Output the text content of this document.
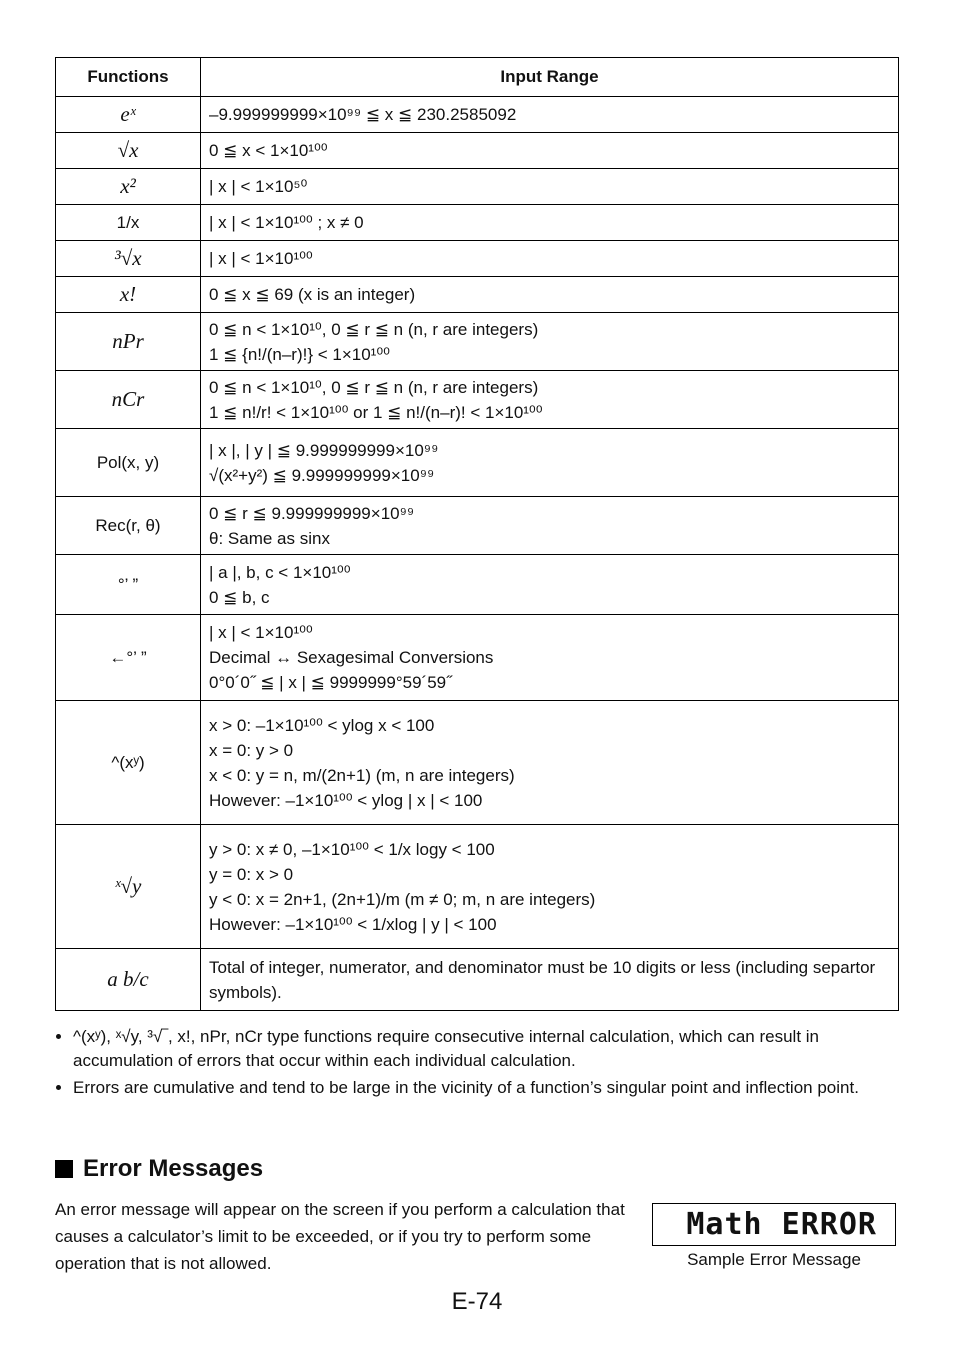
Functions	Input Range
eˣ	–9.999999999×10⁹⁹ ≦ x ≦ 230.2585092

√x	0 ≦ x < 1×10¹⁰⁰

x²	| x | < 1×10⁵⁰

1/x	| x | < 1×10¹⁰⁰ ; x ≠ 0

³√x	| x | < 1×10¹⁰⁰

x!	0 ≦ x ≦ 69 (x is an integer)

nPr	0 ≦ n < 1×10¹⁰, 0 ≦ r ≦ n (n, r are integers)
1 ≦ {n!/(n–r)!} < 1×10¹⁰⁰

nCr	0 ≦ n < 1×10¹⁰, 0 ≦ r ≦ n (n, r are integers)
1 ≦ n!/r! < 1×10¹⁰⁰ or 1 ≦ n!/(n–r)! < 1×10¹⁰⁰

Pol(x, y)	| x |, | y | ≦ 9.999999999×10⁹⁹
√(x²+y²) ≦ 9.999999999×10⁹⁹

Rec(r, θ)	0 ≦ r ≦ 9.999999999×10⁹⁹
θ: Same as sinx

°’ ”	| a |, b, c < 1×10¹⁰⁰
0 ≦ b, c

←°’ ”	| x | < 1×10¹⁰⁰
Decimal ↔ Sexagesimal Conversions
0°0´0˝ ≦ | x | ≦ 9999999°59´59˝

^(xʸ)	x > 0: –1×10¹⁰⁰ < ylog x < 100
x = 0: y > 0
x < 0: y = n, m/(2n+1) (m, n are integers)
However: –1×10¹⁰⁰ < ylog | x | < 100

ˣ√y	y > 0: x ≠ 0, –1×10¹⁰⁰ < 1/x logy < 100
y = 0: x > 0
y < 0: x = 2n+1, (2n+1)/m (m ≠ 0; m, n are integers)
However: –1×10¹⁰⁰ < 1/xlog | y | < 100

a b/c	Total of integer, numerator, and denominator must be 10 digits or less (including separtor symbols).
• ^(xʸ), ˣ√y, ³√‾, x!, nPr, nCr type functions require consecutive internal calculation, which can result in accumulation of errors that occur within each individual calculation.
• Errors are cumulative and tend to be large in the vicinity of a function’s singular point and inflection point.
Error Messages
An error message will appear on the screen if you perform a calculation that causes a calculator’s limit to be exceeded, or if you try to perform some operation that is not allowed.
Math ERROR
Sample Error Message
E-74
